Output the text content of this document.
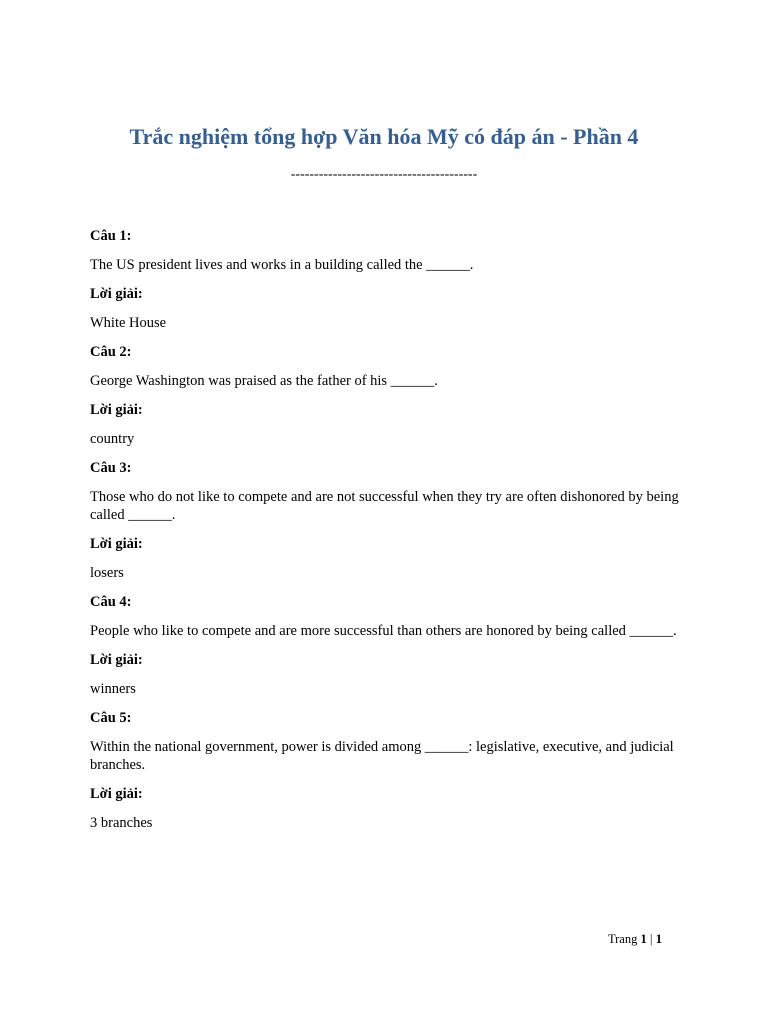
Trắc nghiệm tổng hợp Văn hóa Mỹ có đáp án - Phần 4
----------------------------------------

Câu 1:

The US president lives and works in a building called the ______.

Lời giải:

White House

Câu 2:

George Washington was praised as the father of his ______.

Lời giải:

country

Câu 3:

Those who do not like to compete and are not successful when they try are often dishonored by being called ______.

Lời giải:

losers

Câu 4:

People who like to compete and are more successful than others are honored by being called ______.

Lời giải:

winners

Câu 5:

Within the national government, power is divided among ______: legislative, executive, and judicial branches.

Lời giải:

3 branches

Trang 1 | 1
